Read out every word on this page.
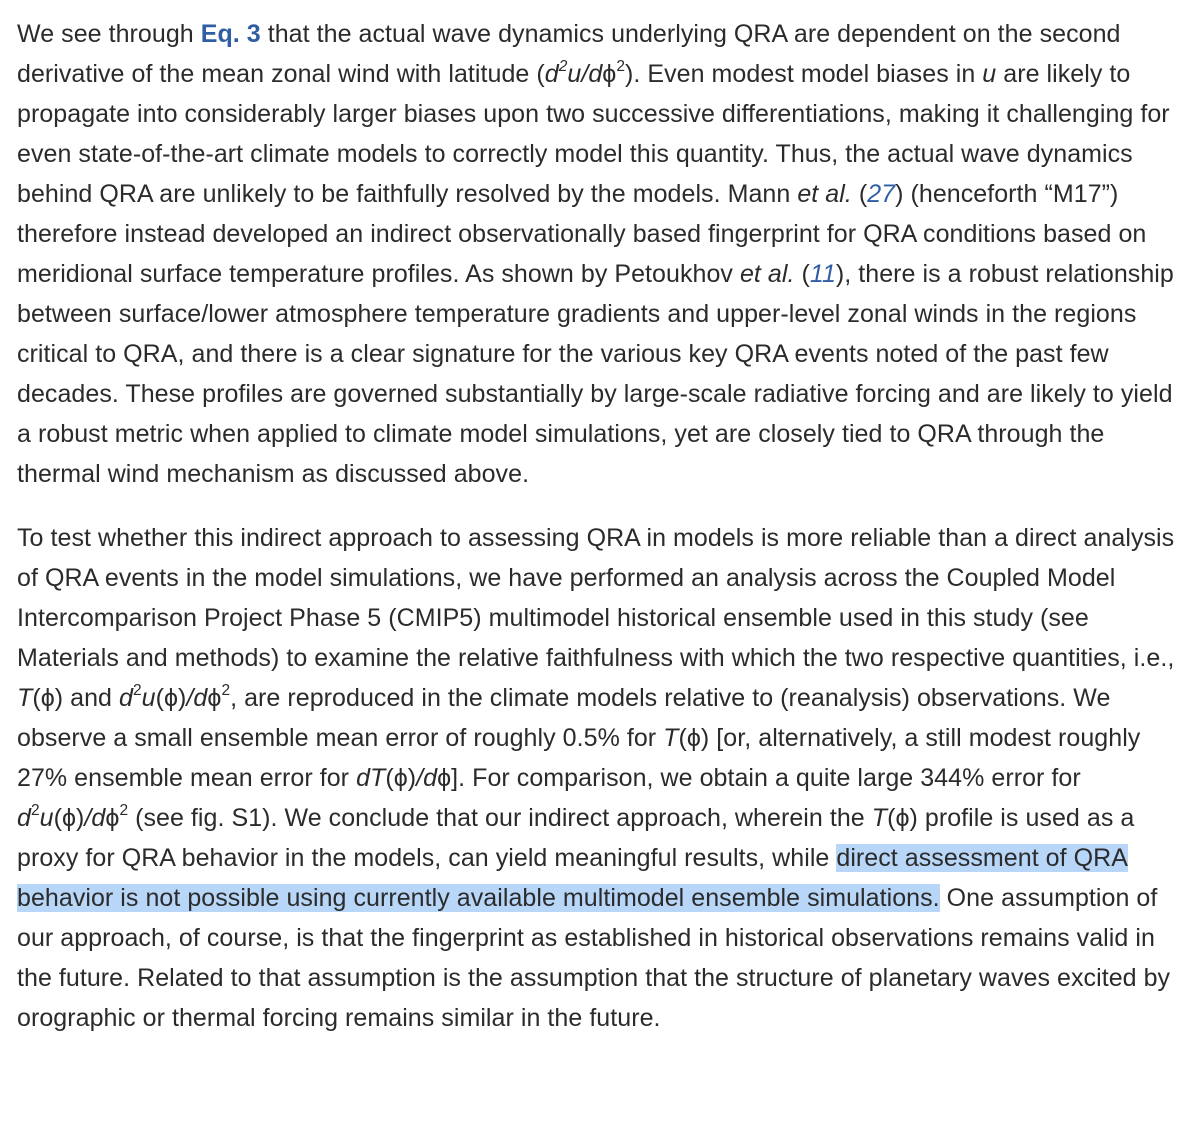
We see through Eq. 3 that the actual wave dynamics underlying QRA are dependent on the second derivative of the mean zonal wind with latitude $(d^2u/d\phi^2)$. Even modest model biases in u are likely to propagate into considerably larger biases upon two successive differentiations, making it challenging for even state-of-the-art climate models to correctly model this quantity. Thus, the actual wave dynamics behind QRA are unlikely to be faithfully resolved by the models. Mann et al. (27) (henceforth “M17”) therefore instead developed an indirect observationally based fingerprint for QRA conditions based on meridional surface temperature profiles. As shown by Petoukhov et al. (11), there is a robust relationship between surface/lower atmosphere temperature gradients and upper-level zonal winds in the regions critical to QRA, and there is a clear signature for the various key QRA events noted of the past few decades. These profiles are governed substantially by large-scale radiative forcing and are likely to yield a robust metric when applied to climate model simulations, yet are closely tied to QRA through the thermal wind mechanism as discussed above.

To test whether this indirect approach to assessing QRA in models is more reliable than a direct analysis of QRA events in the model simulations, we have performed an analysis across the Coupled Model Intercomparison Project Phase 5 (CMIP5) multimodel historical ensemble used in this study (see Materials and methods) to examine the relative faithfulness with which the two respective quantities, i.e., T(ϕ) and $d^2u(\phi)/d\phi^2$, are reproduced in the climate models relative to (reanalysis) observations. We observe a small ensemble mean error of roughly 0.5% for T(ϕ) [or, alternatively, a still modest roughly 27% ensemble mean error for dT(ϕ)/dϕ]. For comparison, we obtain a quite large 344% error for $d^2u(\phi)/d\phi^2$ (see fig. S1). We conclude that our indirect approach, wherein the T(ϕ) profile is used as a proxy for QRA behavior in the models, can yield meaningful results, while direct assessment of QRA behavior is not possible using currently available multimodel ensemble simulations. One assumption of our approach, of course, is that the fingerprint as established in historical observations remains valid in the future. Related to that assumption is the assumption that the structure of planetary waves excited by orographic or thermal forcing remains similar in the future.
